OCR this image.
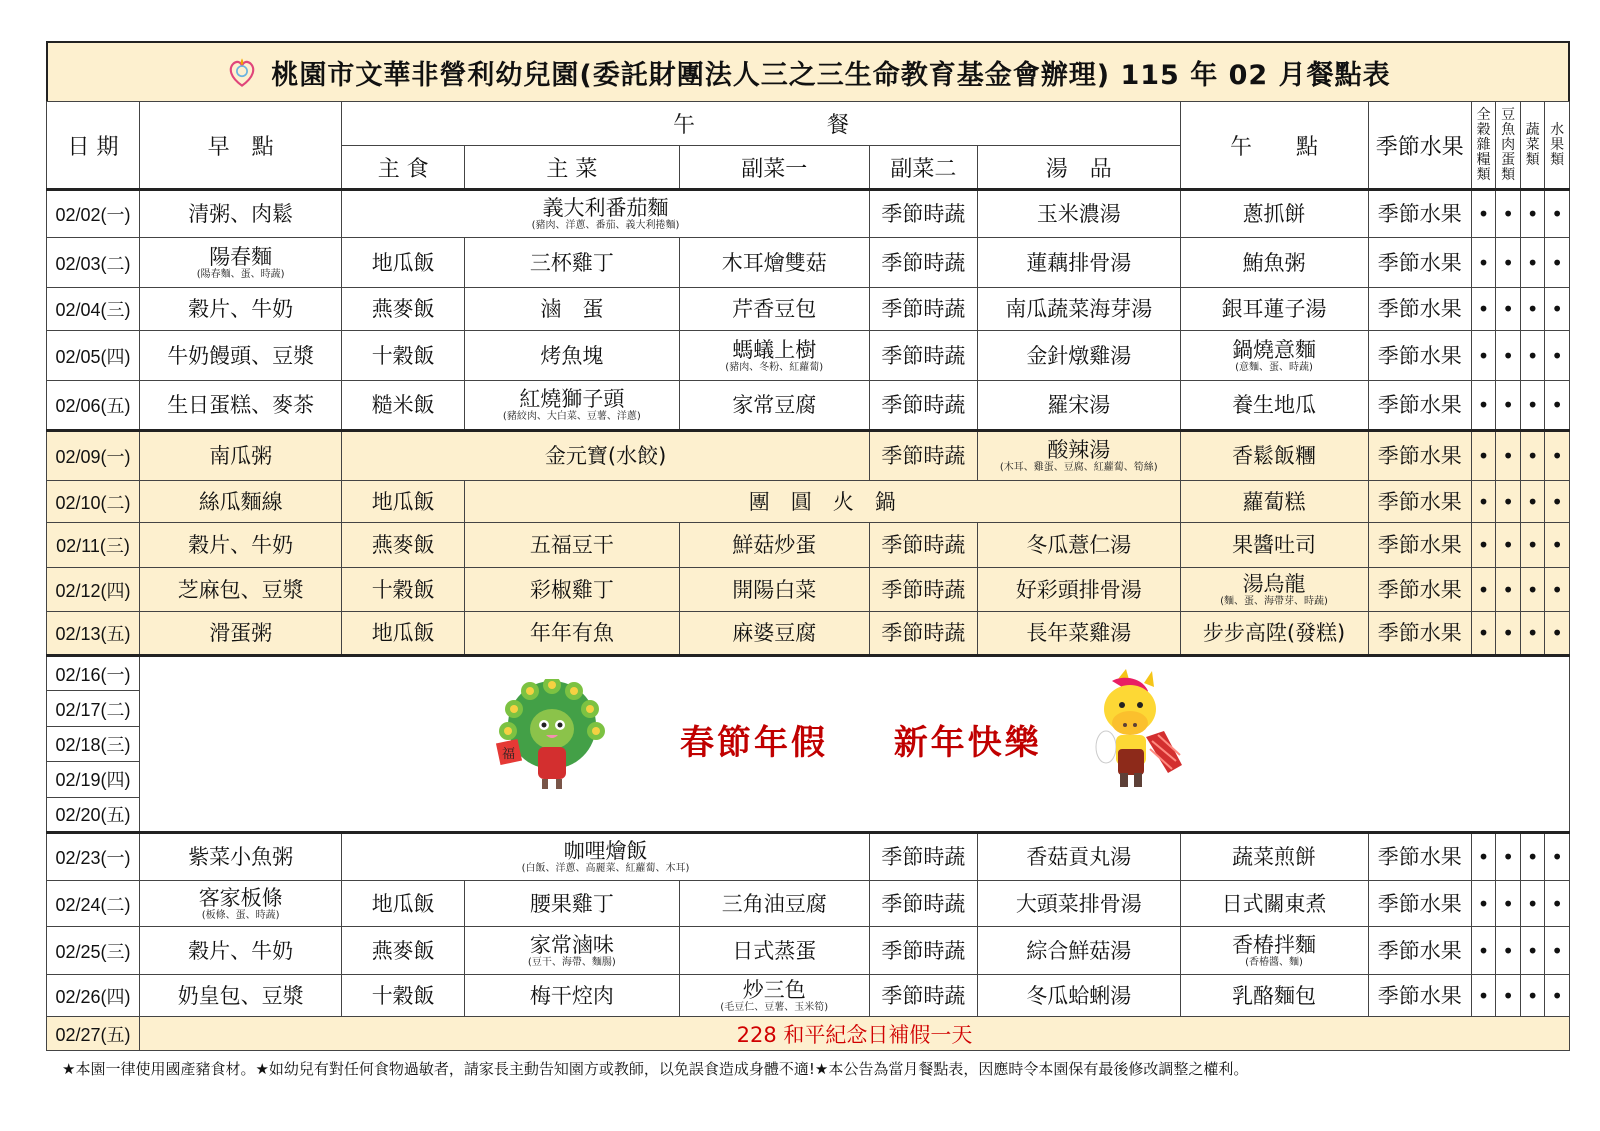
桃園市文華非營利幼兒園(委託財團法人三之三生命教育基金會辦理) 115 年 02 月餐點表
日 期	早　點	午　　　　　　餐					午　　點	季節水果	全穀雜糧類	豆魚肉蛋類	蔬菜類	水果類

		主 食	主 菜	副菜一	副菜二	湯　品						
02/02(一)	清粥、肉鬆	義大利番茄麵
(豬肉、洋蔥、番茄、義大利捲麵)			季節時蔬	玉米濃湯	蔥抓餅	季節水果	•	•	•	•
02/03(二)	陽春麵
(陽春麵、蛋、時蔬)	地瓜飯	三杯雞丁	木耳燴雙菇	季節時蔬	蓮藕排骨湯	鮪魚粥	季節水果	•	•	•	•
02/04(三)	穀片、牛奶	燕麥飯	滷　蛋	芹香豆包	季節時蔬	南瓜蔬菜海芽湯	銀耳蓮子湯	季節水果	•	•	•	•
02/05(四)	牛奶饅頭、豆漿	十穀飯	烤魚塊	螞蟻上樹
(豬肉、冬粉、紅蘿蔔)	季節時蔬	金針燉雞湯	鍋燒意麵
(意麵、蛋、時蔬)	季節水果	•	•	•	•
02/06(五)	生日蛋糕、麥茶	糙米飯	紅燒獅子頭
(豬絞肉、大白菜、豆薯、洋蔥)	家常豆腐	季節時蔬	羅宋湯	養生地瓜	季節水果	•	•	•	•
02/09(一)	南瓜粥	金元寶(水餃)			季節時蔬	酸辣湯
(木耳、雞蛋、豆腐、紅蘿蔔、筍絲)	香鬆飯糰	季節水果	•	•	•	•
02/10(二)	絲瓜麵線	地瓜飯	團　圓　火　鍋				蘿蔔糕	季節水果	•	•	•	•
02/11(三)	穀片、牛奶	燕麥飯	五福豆干	鮮菇炒蛋	季節時蔬	冬瓜薏仁湯	果醬吐司	季節水果	•	•	•	•
02/12(四)	芝麻包、豆漿	十穀飯	彩椒雞丁	開陽白菜	季節時蔬	好彩頭排骨湯	湯烏龍
(麵、蛋、海帶芽、時蔬)	季節水果	•	•	•	•
02/13(五)	滑蛋粥	地瓜飯	年年有魚	麻婆豆腐	季節時蔬	長年菜雞湯	步步高陞(發糕)	季節水果	•	•	•	•
02/16(一)	福 春節年假 新年快樂											

02/17(二)												
02/18(三)												
02/19(四)												
02/20(五)												
02/23(一)	紫菜小魚粥	咖哩燴飯
(白飯、洋蔥、高麗菜、紅蘿蔔、木耳)			季節時蔬	香菇貢丸湯	蔬菜煎餅	季節水果	•	•	•	•
02/24(二)	客家板條
(板條、蛋、時蔬)	地瓜飯	腰果雞丁	三角油豆腐	季節時蔬	大頭菜排骨湯	日式關東煮	季節水果	•	•	•	•
02/25(三)	穀片、牛奶	燕麥飯	家常滷味
(豆干、海帶、麵腸)	日式蒸蛋	季節時蔬	綜合鮮菇湯	香椿拌麵
(香椿醬、麵)	季節水果	•	•	•	•
02/26(四)	奶皇包、豆漿	十穀飯	梅干焢肉	炒三色
(毛豆仁、豆薯、玉米筍)	季節時蔬	冬瓜蛤蜊湯	乳酪麵包	季節水果	•	•	•	•
02/27(五)	228 和平紀念日補假一天											
★本園一律使用國產豬食材。★如幼兒有對任何食物過敏者，請家長主動告知園方或教師，以免誤食造成身體不適!★本公告為當月餐點表，因應時令本園保有最後修改調整之權利。
